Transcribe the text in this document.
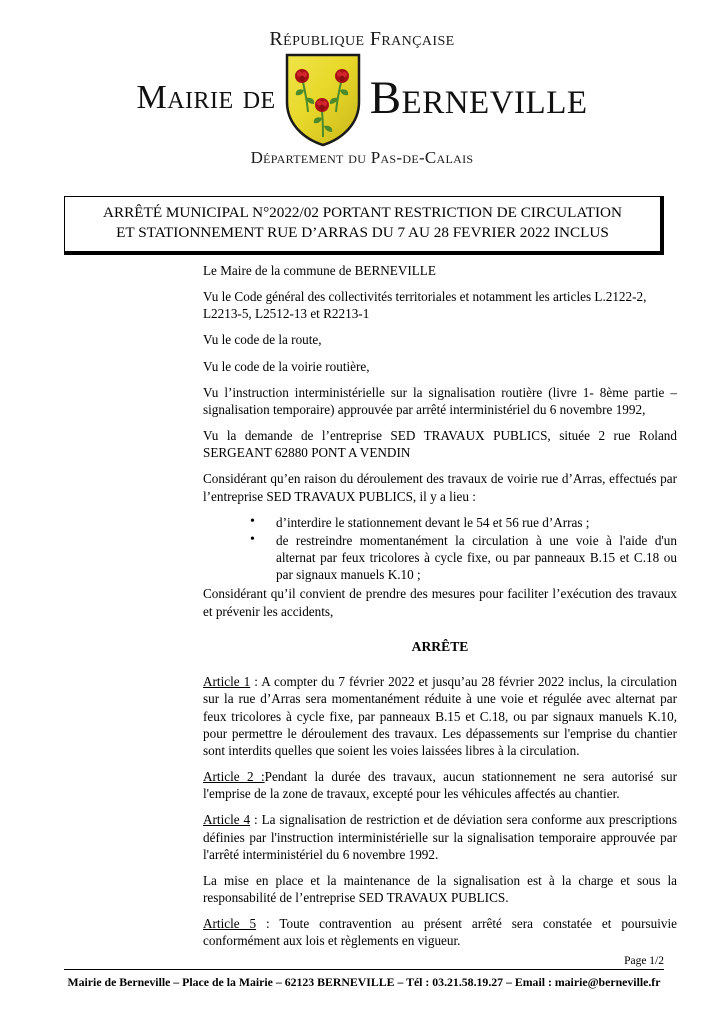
République Française
Mairie de Berneville
Département du Pas-de-Calais
ARRÊTÉ MUNICIPAL N°2022/02 PORTANT RESTRICTION DE CIRCULATION
ET STATIONNEMENT RUE D’ARRAS DU 7 AU 28 FEVRIER 2022 INCLUS

Le Maire de la commune de BERNEVILLE

Vu le Code général des collectivités territoriales et notamment les articles L.2122-2, L2213-5, L2512-13 et R2213-1

Vu le code de la route,

Vu le code de la voirie routière,

Vu l’instruction interministérielle sur la signalisation routière (livre 1- 8ème partie – signalisation temporaire) approuvée par arrêté interministériel du 6 novembre 1992,

Vu la demande de l’entreprise SED TRAVAUX PUBLICS, située 2 rue Roland SERGEANT 62880 PONT A VENDIN

Considérant qu’en raison du déroulement des travaux de voirie rue d’Arras, effectués par l’entreprise SED TRAVAUX PUBLICS, il y a lieu :

• d’interdire le stationnement devant le 54 et 56 rue d’Arras ;
• de restreindre momentanément la circulation à une voie à l'aide d'un alternat par feux tricolores à cycle fixe, ou par panneaux B.15 et C.18 ou par signaux manuels K.10 ;

Considérant qu’il convient de prendre des mesures pour faciliter l’exécution des travaux et prévenir les accidents,

ARRÊTE

Article 1 : A compter du 7 février 2022 et jusqu’au 28 février 2022 inclus, la circulation sur la rue d’Arras sera momentanément réduite à une voie et régulée avec alternat par feux tricolores à cycle fixe, par panneaux B.15 et C.18, ou par signaux manuels K.10, pour permettre le déroulement des travaux. Les dépassements sur l'emprise du chantier sont interdits quelles que soient les voies laissées libres à la circulation.

Article 2 :Pendant la durée des travaux, aucun stationnement ne sera autorisé sur l'emprise de la zone de travaux, excepté pour les véhicules affectés au chantier.

Article 4 : La signalisation de restriction et de déviation sera conforme aux prescriptions définies par l'instruction interministérielle sur la signalisation temporaire approuvée par l'arrêté interministériel du 6 novembre 1992.

La mise en place et la maintenance de la signalisation est à la charge et sous la responsabilité de l’entreprise SED TRAVAUX PUBLICS.

Article 5 : Toute contravention au présent arrêté sera constatée et poursuivie conformément aux lois et règlements en vigueur.

Page 1/2
Mairie de Berneville – Place de la Mairie – 62123 BERNEVILLE – Tél : 03.21.58.19.27 – Email : mairie@berneville.fr
